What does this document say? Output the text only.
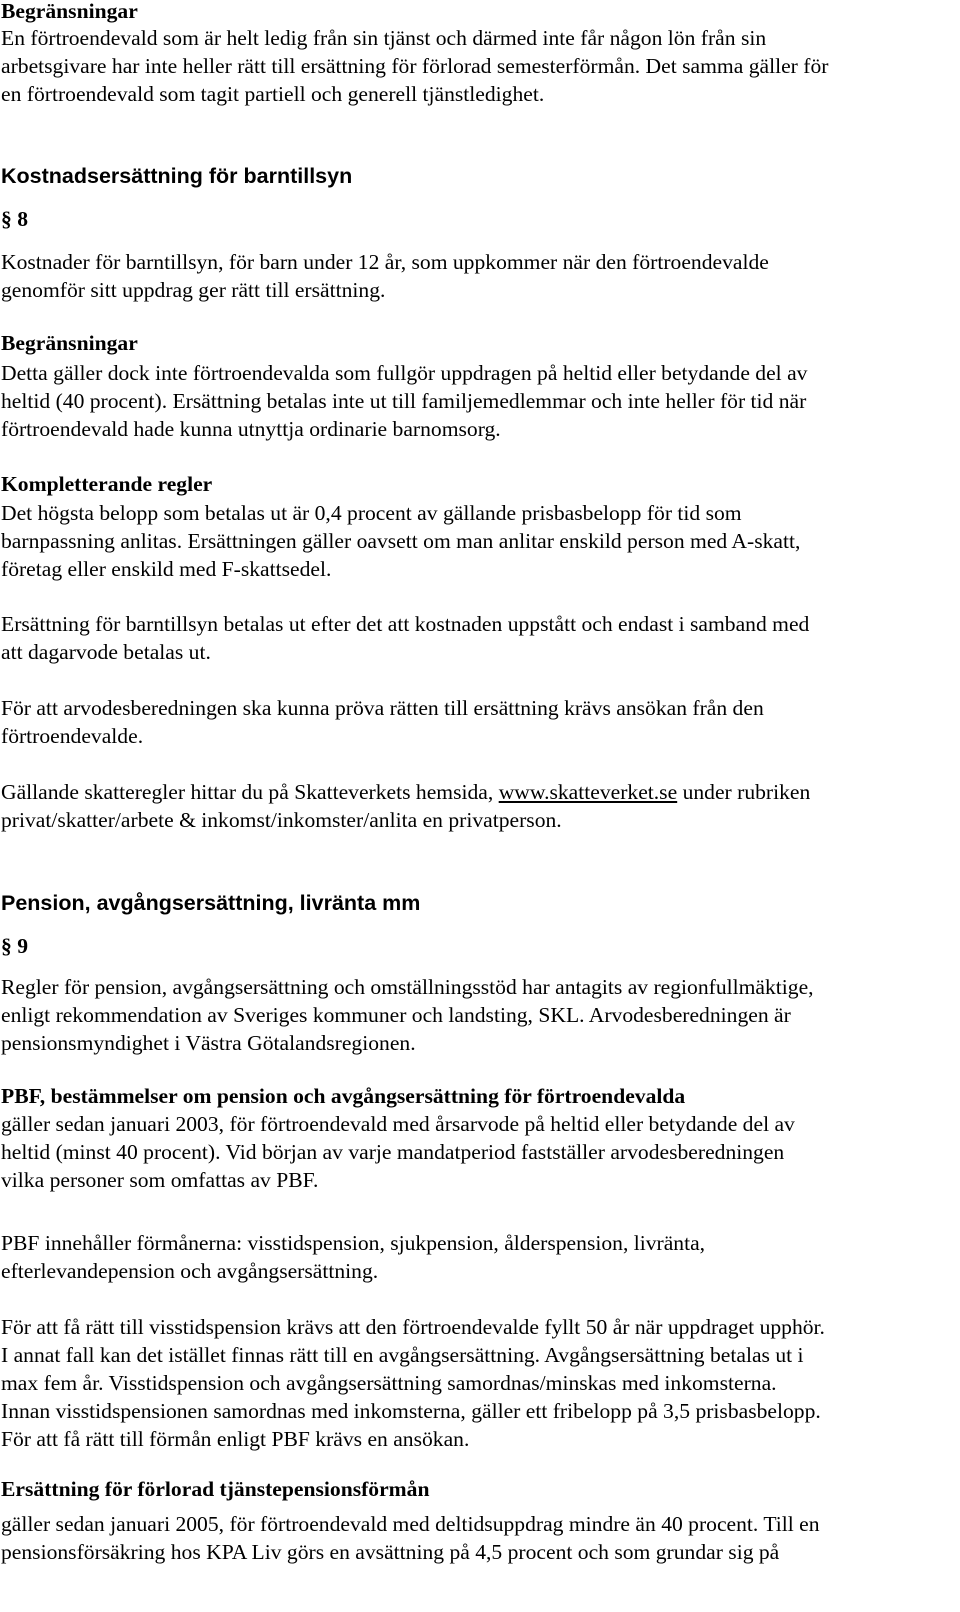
Begränsningar
En förtroendevald som är helt ledig från sin tjänst och därmed inte får någon lön från sin
arbetsgivare har inte heller rätt till ersättning för förlorad semesterförmån. Det samma gäller för
en förtroendevald som tagit partiell och generell tjänstledighet.
Kostnadsersättning för barntillsyn
§ 8
Kostnader för barntillsyn, för barn under 12 år, som uppkommer när den förtroendevalde
genomför sitt uppdrag ger rätt till ersättning.
Begränsningar
Detta gäller dock inte förtroendevalda som fullgör uppdragen på heltid eller betydande del av
heltid (40 procent). Ersättning betalas inte ut till familjemedlemmar och inte heller för tid när
förtroendevald hade kunna utnyttja ordinarie barnomsorg.
Kompletterande regler
Det högsta belopp som betalas ut är 0,4 procent av gällande prisbasbelopp för tid som
barnpassning anlitas. Ersättningen gäller oavsett om man anlitar enskild person med A-skatt,
företag eller enskild med F-skattsedel.
Ersättning för barntillsyn betalas ut efter det att kostnaden uppstått och endast i samband med
att dagarvode betalas ut.
För att arvodesberedningen ska kunna pröva rätten till ersättning krävs ansökan från den
förtroendevalde.
Gällande skatteregler hittar du på Skatteverkets hemsida, www.skatteverket.se under rubriken
privat/skatter/arbete & inkomst/inkomster/anlita en privatperson.
Pension, avgångsersättning, livränta mm
§ 9
Regler för pension, avgångsersättning och omställningsstöd har antagits av regionfullmäktige,
enligt rekommendation av Sveriges kommuner och landsting, SKL. Arvodesberedningen är
pensionsmyndighet i Västra Götalandsregionen.
PBF, bestämmelser om pension och avgångsersättning för förtroendevalda
gäller sedan januari 2003, för förtroendevald med årsarvode på heltid eller betydande del av
heltid (minst 40 procent). Vid början av varje mandatperiod fastställer arvodesberedningen
vilka personer som omfattas av PBF.
PBF innehåller förmånerna: visstidspension, sjukpension, ålderspension, livränta,
efterlevandepension och avgångsersättning.
För att få rätt till visstidspension krävs att den förtroendevalde fyllt 50 år när uppdraget upphör.
I annat fall kan det istället finnas rätt till en avgångsersättning. Avgångsersättning betalas ut i
max fem år. Visstidspension och avgångsersättning samordnas/minskas med inkomsterna.
Innan visstidspensionen samordnas med inkomsterna, gäller ett fribelopp på 3,5 prisbasbelopp.
För att få rätt till förmån enligt PBF krävs en ansökan.
Ersättning för förlorad tjänstepensionsförmån
gäller sedan januari 2005, för förtroendevald med deltidsuppdrag mindre än 40 procent. Till en
pensionsförsäkring hos KPA Liv görs en avsättning på 4,5 procent och som grundar sig på
